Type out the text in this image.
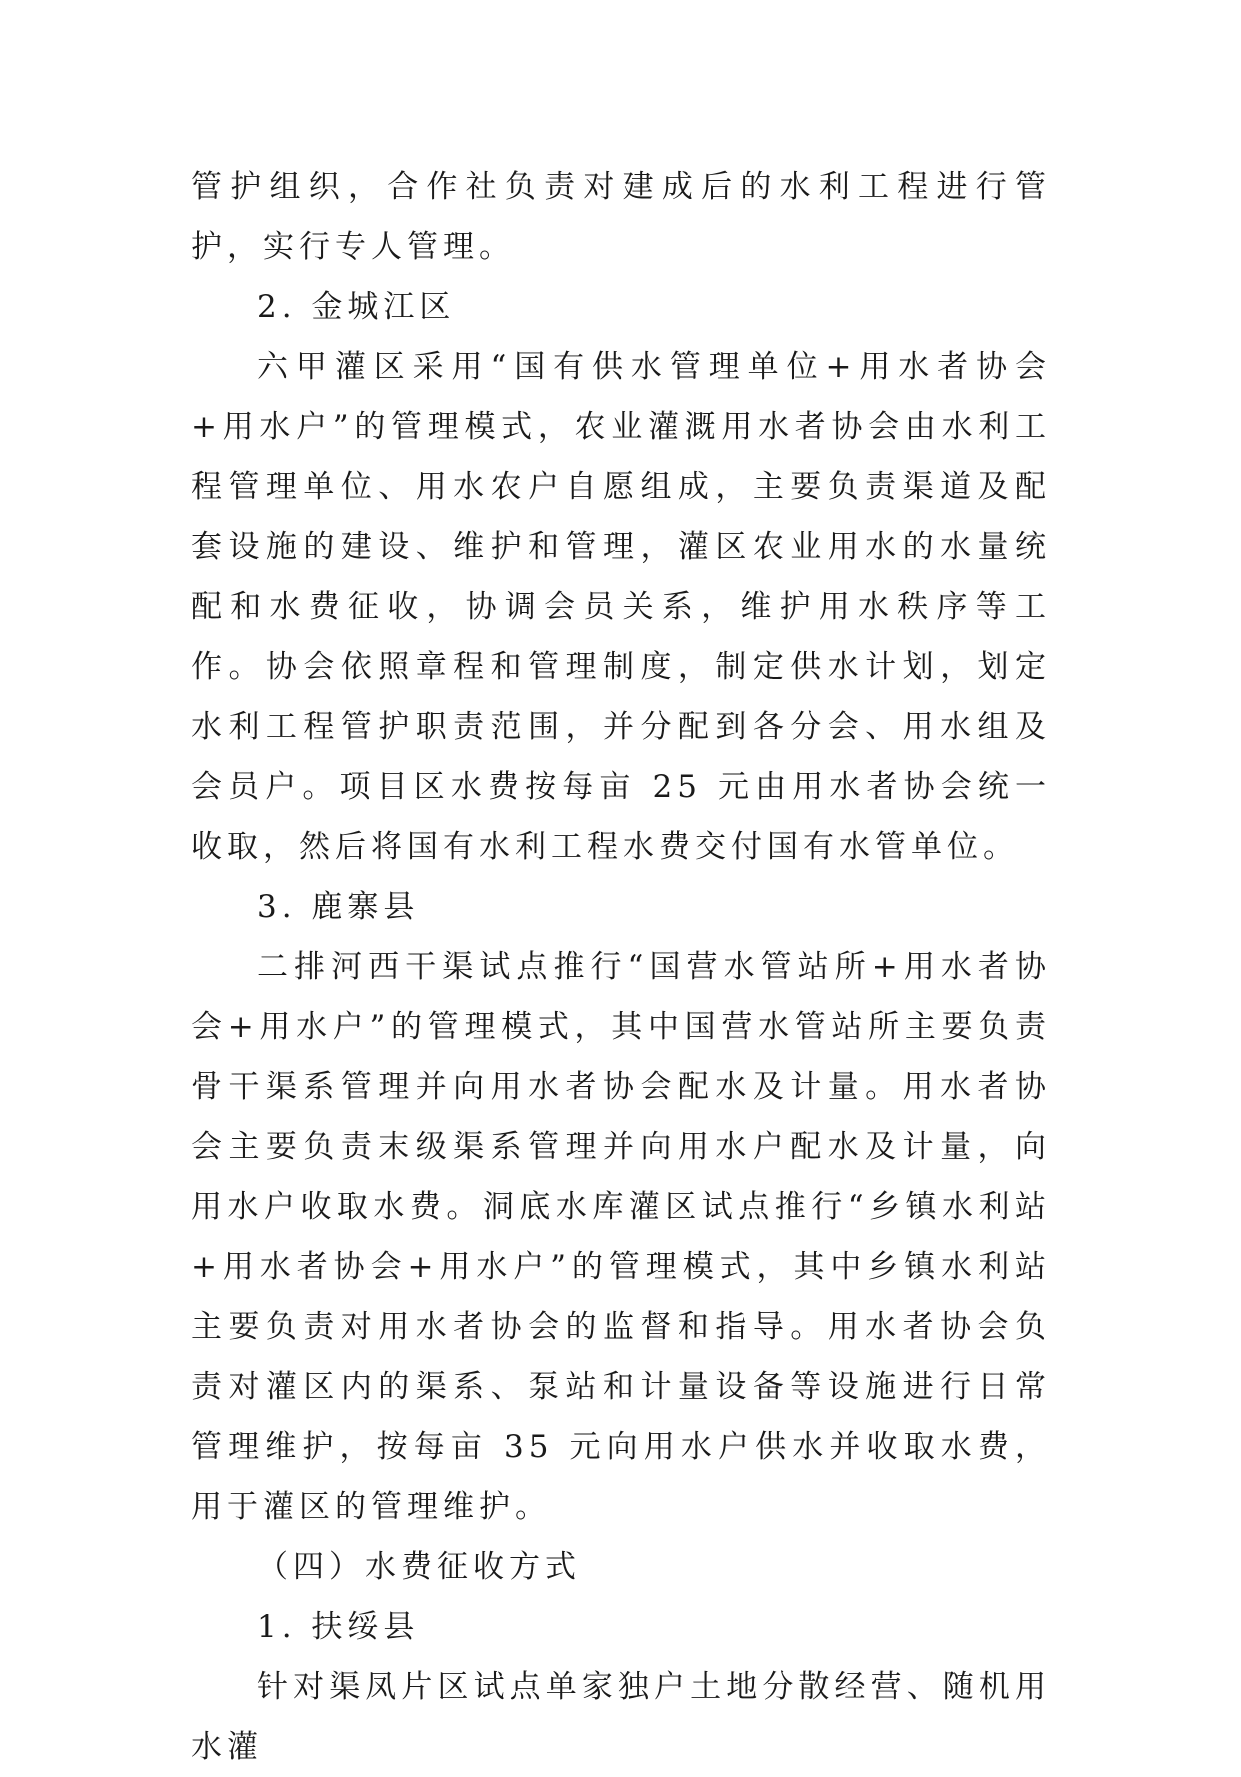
管护组织，合作社负责对建成后的水利工程进行管护，实行专人管理。

2. 金城江区

六甲灌区采用“国有供水管理单位+用水者协会+用水户”的管理模式，农业灌溉用水者协会由水利工程管理单位、用水农户自愿组成，主要负责渠道及配套设施的建设、维护和管理，灌区农业用水的水量统配和水费征收，协调会员关系，维护用水秩序等工作。协会依照章程和管理制度，制定供水计划，划定水利工程管护职责范围，并分配到各分会、用水组及会员户。项目区水费按每亩 25 元由用水者协会统一收取，然后将国有水利工程水费交付国有水管单位。

3. 鹿寨县

二排河西干渠试点推行“国营水管站所+用水者协会+用水户”的管理模式，其中国营水管站所主要负责骨干渠系管理并向用水者协会配水及计量。用水者协会主要负责末级渠系管理并向用水户配水及计量，向用水户收取水费。洞底水库灌区试点推行“乡镇水利站+用水者协会+用水户”的管理模式，其中乡镇水利站主要负责对用水者协会的监督和指导。用水者协会负责对灌区内的渠系、泵站和计量设备等设施进行日常管理维护，按每亩 35 元向用水户供水并收取水费，用于灌区的管理维护。

（四）水费征收方式

1. 扶绥县

针对渠凤片区试点单家独户土地分散经营、随机用水灌
